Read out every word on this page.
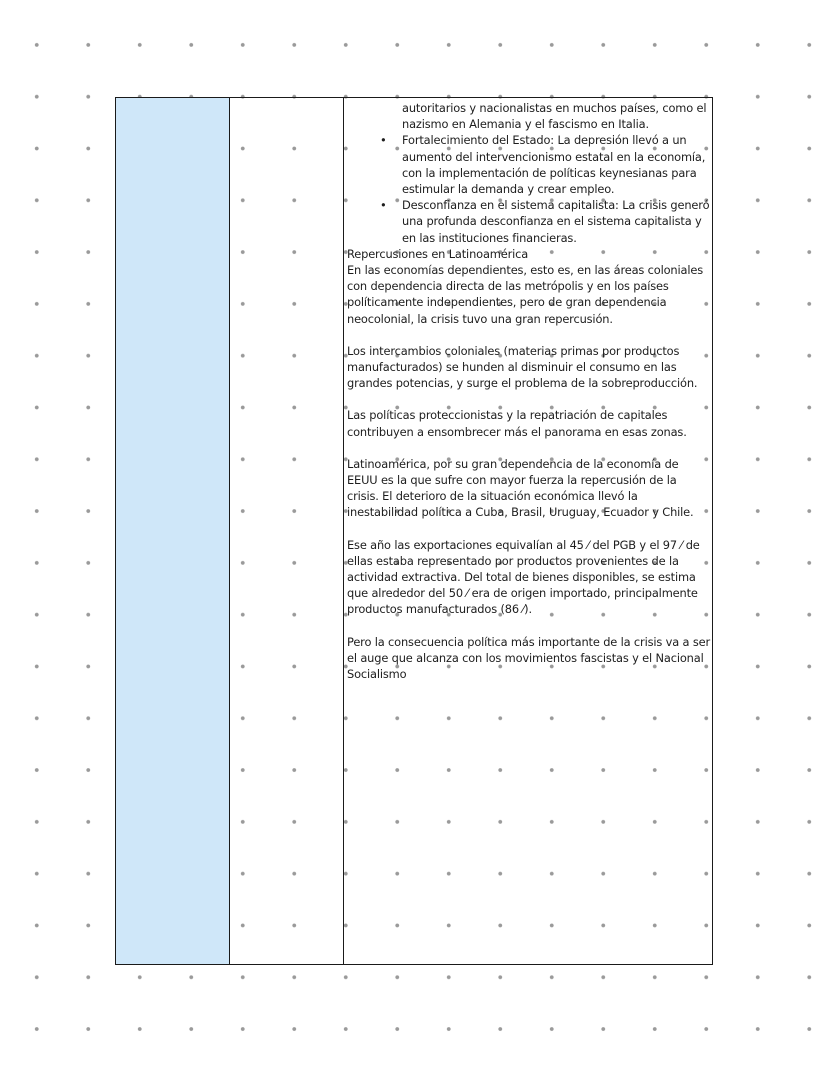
autoritarios y nacionalistas en muchos países, como el nazismo en Alemania y el fascismo en Italia.

• Fortalecimiento del Estado: La depresión llevó a un aumento del intervencionismo estatal en la economía, con la implementación de políticas keynesianas para estimular la demanda y crear empleo.
• Desconfianza en el sistema capitalista: La crisis generó una profunda desconfianza en el sistema capitalista y en las instituciones financieras.

Repercusiones en Latinoamérica

En las economías dependientes, esto es, en las áreas coloniales con dependencia directa de las metrópolis y en los países políticamente independientes, pero de gran dependencia neocolonial, la crisis tuvo una gran repercusión.

Los intercambios coloniales (materias primas por productos manufacturados) se hunden al disminuir el consumo en las grandes potencias, y surge el problema de la sobreproducción.

Las políticas proteccionistas y la repatriación de capitales contribuyen a ensombrecer más el panorama en esas zonas.

Latinoamérica, por su gran dependencia de la economía de EEUU es la que sufre con mayor fuerza la repercusión de la crisis. El deterioro de la situación económica llevó la inestabilidad política a Cuba, Brasil, Uruguay, Ecuador y Chile.

Ese año las exportaciones equivalían al 45 ⁄ del PGB y el 97 ⁄ de ellas estaba representado por productos provenientes de la actividad extractiva. Del total de bienes disponibles, se estima que alrededor del 50 ⁄ era de origen importado, principalmente productos manufacturados (86 ⁄).

Pero la consecuencia política más importante de la crisis va a ser el auge que alcanza con los movimientos fascistas y el Nacional Socialismo
